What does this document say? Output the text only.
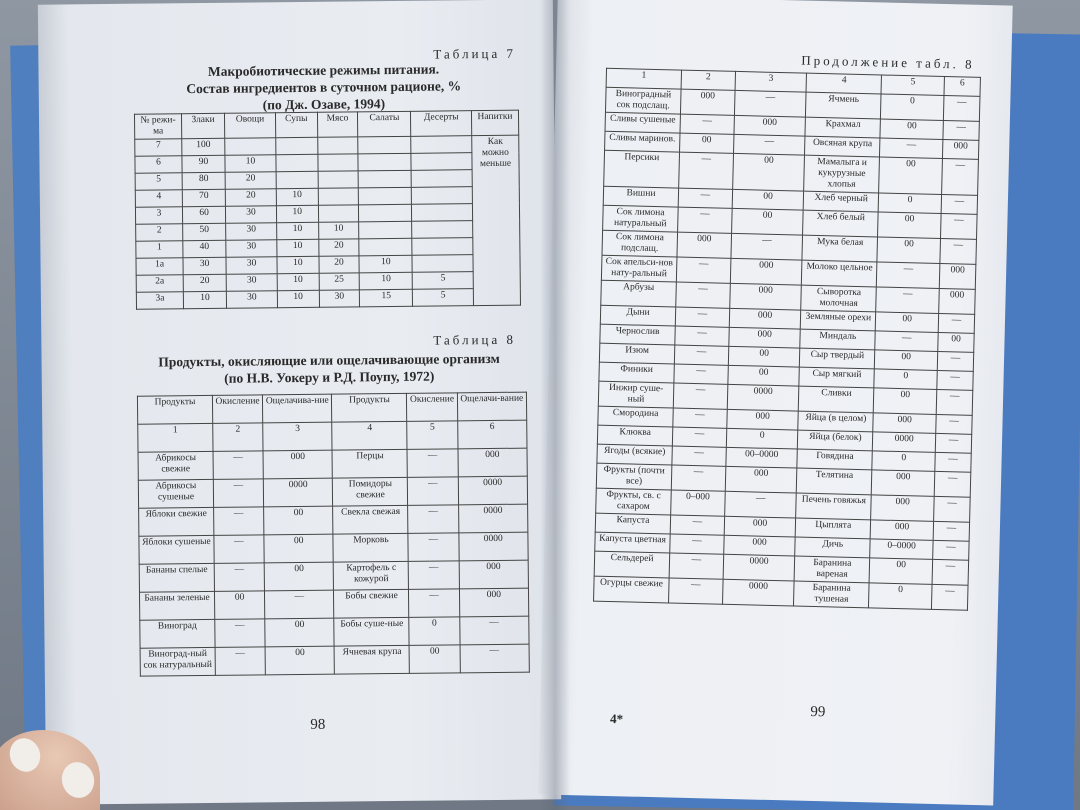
Таблица 7
Макробиотические режимы питания.
Состав ингредиентов в суточном рационе, %
(по Дж. Озаве, 1994)
№ режи-ма	Злаки	Овощи	Супы	Мясо	Салаты	Десерты	Напитки
7	100						Как можно меньше
6	90	10					
5	80	20					
4	70	20	10				
3	60	30	10				
2	50	30	10	10			
1	40	30	10	20			
1a	30	30	10	20	10		
2a	20	30	10	25	10	5	
3a	10	30	10	30	15	5	
Таблица 8
Продукты, окисляющие или ощелачивающие организм
(по Н.В. Уокеру и Р.Д. Поупу, 1972)
Продукты	Окисление	Ощелачива-ние	Продукты	Окисление	Ощелачи-вание
1	2	3	4	5	6
Абрикосы свежие	—	000	Перцы	—	000
Абрикосы сушеные	—	0000	Помидоры свежие	—	0000
Яблоки свежие	—	00	Свекла свежая	—	0000
Яблоки сушеные	—	00	Морковь	—	0000
Бананы спелые	—	00	Картофель с кожурой	—	000
Бананы зеленые	00	—	Бобы свежие	—	000
Виноград	—	00	Бобы суше-ные	0	—
Виноград-ный сок натуральный	—	00	Ячневая крупа	00	—
98
Продолжение табл. 8
1	2	3	4	5	6
Виноградный сок подслащ.	000	—	Ячмень	0	—
Сливы сушеные	—	000	Крахмал	00	—
Сливы маринов.	00	—	Овсяная крупа	—	000
Персики	—	00	Мамалыга и кукурузные хлопья	00	—
Вишни	—	00	Хлеб черный	0	—
Сок лимона натуральный	—	00	Хлеб белый	00	—
Сок лимона подслащ.	000	—	Мука белая	00	—
Сок апельси-нов нату-ральный	—	000	Молоко цельное	—	000
Арбузы	—	000	Сыворотка молочная	—	000
Дыни	—	000	Земляные орехи	00	—
Чернослив	—	000	Миндаль	—	00
Изюм	—	00	Сыр твердый	00	—
Финики	—	00	Сыр мягкий	0	—
Инжир суше-ный	—	0000	Сливки	00	—
Смородина	—	000	Яйца (в целом)	000	—
Клюква	—	0	Яйца (белок)	0000	—
Ягоды (всякие)	—	00–0000	Говядина	0	—
Фрукты (почти все)	—	000	Телятина	000	—
Фрукты, св. с сахаром	0–000	—	Печень говяжья	000	—
Капуста	—	000	Цыплята	000	—
Капуста цветная	—	000	Дичь	0–0000	—
Сельдерей	—	0000	Баранина вареная	00	—
Огурцы свежие	—	0000	Баранина тушеная	0	—
4*	99
